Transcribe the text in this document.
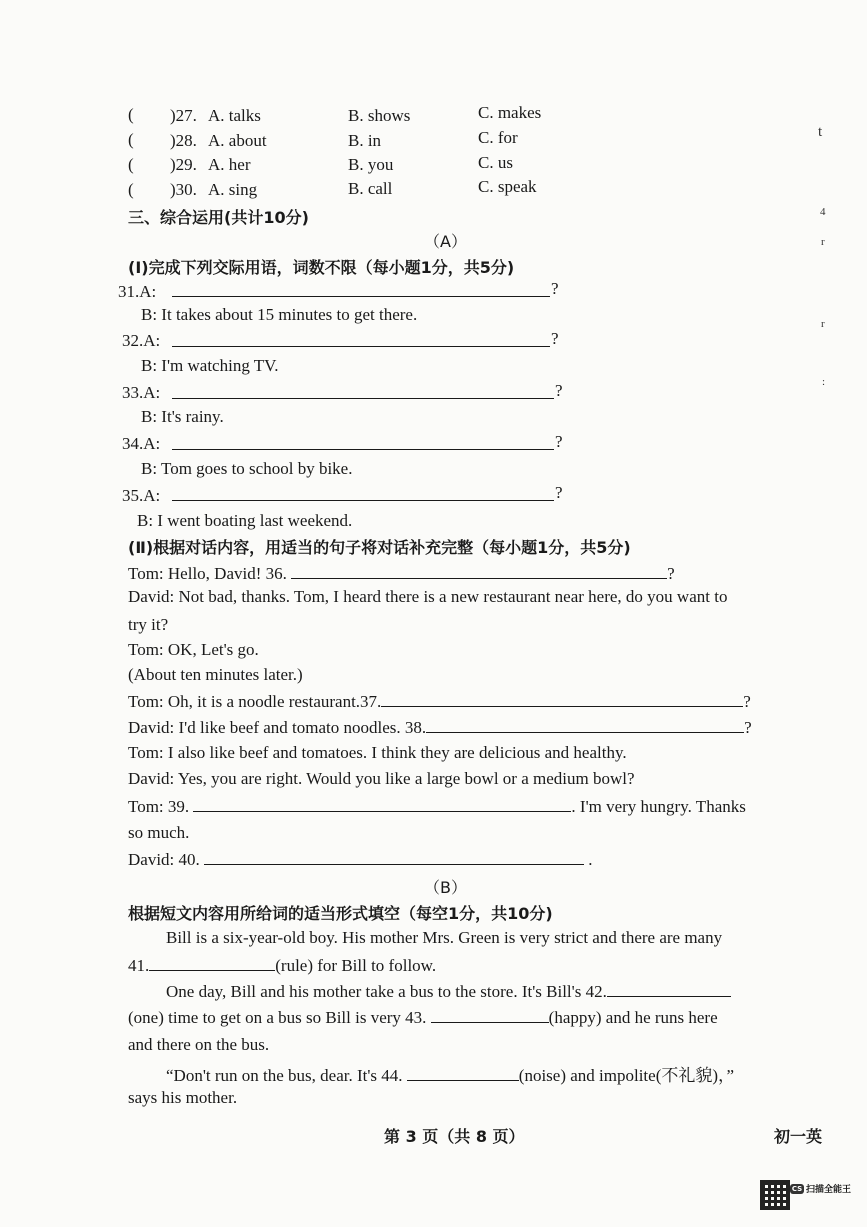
( )27. A. talks	B. shows	C. makes
( )28. A. about	B. in	C. for
( )29. A. her	B. you	C. us
( )30. A. sing	B. call	C. speak
三、综合运用(共计10分)
（A）
(Ⅰ)完成下列交际用语，词数不限（每小题1分，共5分)
31.A:	?
B: It takes about 15 minutes to get there.
32.A:	?
B: I'm watching TV.
33.A:	?
B: It's rainy.
34.A:	?
B: Tom goes to school by bike.
35.A:	?
B: I went boating last weekend.
(Ⅱ)根据对话内容，用适当的句子将对话补充完整（每小题1分，共5分)
Tom: Hello, David! 36.	?
David: Not bad, thanks. Tom, I heard there is a new restaurant near here, do you want to
try it?
Tom: OK, Let's go.
(About ten minutes later.)
Tom: Oh, it is a noodle restaurant.37.	?
David: I'd like beef and tomato noodles. 38.	?
Tom: I also like beef and tomatoes. I think they are delicious and healthy.
David: Yes, you are right. Would you like a large bowl or a medium bowl?
Tom: 39.	. I'm very hungry. Thanks
so much.
David: 40.	.
（B）
根据短文内容用所给词的适当形式填空（每空1分，共10分)
Bill is a six-year-old boy. His mother Mrs. Green is very strict and there are many
41.	(rule) for Bill to follow.
One day, Bill and his mother take a bus to the store. It's Bill's 42.
(one) time to get on a bus so Bill is very 43.	(happy) and he runs here
and there on the bus.
“Don't run on the bus, dear. It's 44.	(noise) and impolite(不礼貌)，”
says his mother.
第 3 页（共 8 页）	初一英
CS 扫描全能王
t
4
r
r
:
